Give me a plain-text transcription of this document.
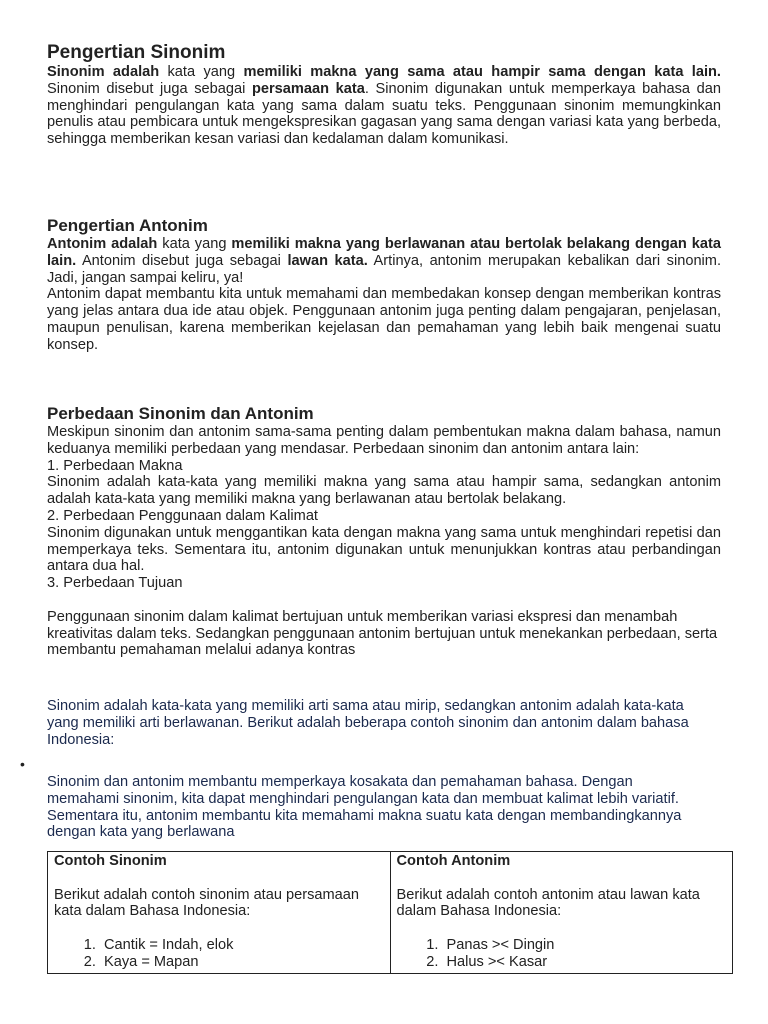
Pengertian Sinonim

Sinonim adalah kata yang memiliki makna yang sama atau hampir sama dengan kata lain. Sinonim disebut juga sebagai persamaan kata. Sinonim digunakan untuk memperkaya bahasa dan menghindari pengulangan kata yang sama dalam suatu teks. Penggunaan sinonim memungkinkan penulis atau pembicara untuk mengekspresikan gagasan yang sama dengan variasi kata yang berbeda, sehingga memberikan kesan variasi dan kedalaman dalam komunikasi.

Pengertian Antonim

Antonim adalah kata yang memiliki makna yang berlawanan atau bertolak belakang dengan kata lain. Antonim disebut juga sebagai lawan kata. Artinya, antonim merupakan kebalikan dari sinonim. Jadi, jangan sampai keliru, ya!

Antonim dapat membantu kita untuk memahami dan membedakan konsep dengan memberikan kontras yang jelas antara dua ide atau objek. Penggunaan antonim juga penting dalam pengajaran, penjelasan, maupun penulisan, karena memberikan kejelasan dan pemahaman yang lebih baik mengenai suatu konsep.

Perbedaan Sinonim dan Antonim

Meskipun sinonim dan antonim sama-sama penting dalam pembentukan makna dalam bahasa, namun keduanya memiliki perbedaan yang mendasar. Perbedaan sinonim dan antonim antara lain:

1. Perbedaan Makna

Sinonim adalah kata-kata yang memiliki makna yang sama atau hampir sama, sedangkan antonim adalah kata-kata yang memiliki makna yang berlawanan atau bertolak belakang.

2. Perbedaan Penggunaan dalam Kalimat

Sinonim digunakan untuk menggantikan kata dengan makna yang sama untuk menghindari repetisi dan memperkaya teks. Sementara itu, antonim digunakan untuk menunjukkan kontras atau perbandingan antara dua hal.

3. Perbedaan Tujuan

Penggunaan sinonim dalam kalimat bertujuan untuk memberikan variasi ekspresi dan menambah kreativitas dalam teks. Sedangkan penggunaan antonim bertujuan untuk menekankan perbedaan, serta membantu pemahaman melalui adanya kontras

Sinonim adalah kata-kata yang memiliki arti sama atau mirip, sedangkan antonim adalah kata-kata yang memiliki arti berlawanan. Berikut adalah beberapa contoh sinonim dan antonim dalam bahasa Indonesia:

•

Sinonim dan antonim membantu memperkaya kosakata dan pemahaman bahasa. Dengan memahami sinonim, kita dapat menghindari pengulangan kata dan membuat kalimat lebih variatif. Sementara itu, antonim membantu kita memahami makna suatu kata dengan membandingkannya dengan kata yang berlawana

Contoh Sinonim

Berikut adalah contoh sinonim atau persamaan kata dalam Bahasa Indonesia:

1. Cantik = Indah, elok
2. Kaya = Mapan

Contoh Antonim

Berikut adalah contoh antonim atau lawan kata dalam Bahasa Indonesia:

1. Panas >< Dingin
2. Halus >< Kasar
